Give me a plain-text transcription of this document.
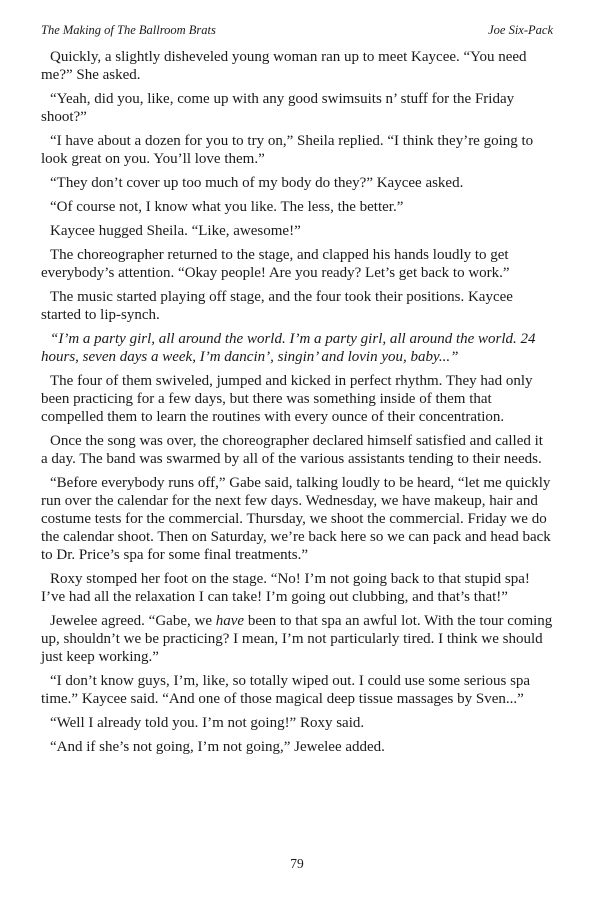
The Making of The Ballroom Brats	Joe Six-Pack

Quickly, a slightly disheveled young woman ran up to meet Kaycee. “You need me?” She asked.

“Yeah, did you, like, come up with any good swimsuits n’ stuff for the Friday shoot?”

“I have about a dozen for you to try on,” Sheila replied. “I think they’re going to look great on you. You’ll love them.”

“They don’t cover up too much of my body do they?” Kaycee asked.

“Of course not, I know what you like. The less, the better.”

Kaycee hugged Sheila. “Like, awesome!”

The choreographer returned to the stage, and clapped his hands loudly to get everybody’s attention. “Okay people! Are you ready? Let’s get back to work.”

The music started playing off stage, and the four took their positions. Kaycee started to lip-synch.

“I’m a party girl, all around the world. I’m a party girl, all around the world. 24 hours, seven days a week, I’m dancin’, singin’ and lovin you, baby...”

The four of them swiveled, jumped and kicked in perfect rhythm. They had only been practicing for a few days, but there was something inside of them that compelled them to learn the routines with every ounce of their concentration.

Once the song was over, the choreographer declared himself satisfied and called it a day. The band was swarmed by all of the various assistants tending to their needs.

“Before everybody runs off,” Gabe said, talking loudly to be heard, “let me quickly run over the calendar for the next few days. Wednesday, we have makeup, hair and costume tests for the commercial. Thursday, we shoot the commercial. Friday we do the calendar shoot. Then on Saturday, we’re back here so we can pack and head back to Dr. Price’s spa for some final treatments.”

Roxy stomped her foot on the stage. “No! I’m not going back to that stupid spa! I’ve had all the relaxation I can take! I’m going out clubbing, and that’s that!”

Jewelee agreed. “Gabe, we have been to that spa an awful lot. With the tour coming up, shouldn’t we be practicing? I mean, I’m not particularly tired. I think we should just keep working.”

“I don’t know guys, I’m, like, so totally wiped out. I could use some serious spa time.” Kaycee said. “And one of those magical deep tissue massages by Sven...”

“Well I already told you. I’m not going!” Roxy said.

“And if she’s not going, I’m not going,” Jewelee added.

79
